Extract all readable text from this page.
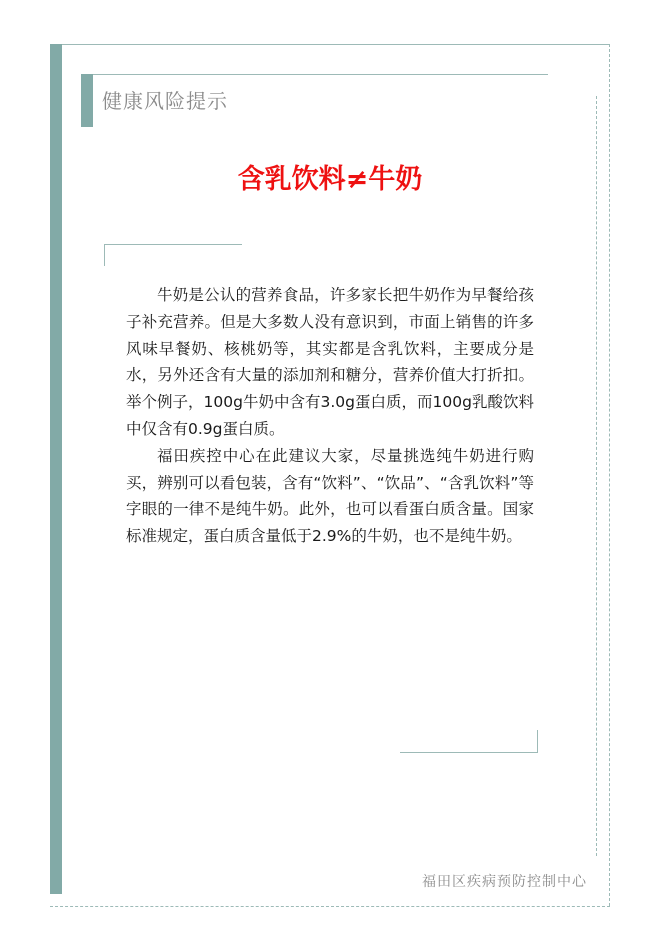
健康风险提示
含乳饮料≠牛奶

牛奶是公认的营养食品，许多家长把牛奶作为早餐给孩子补充营养。但是大多数人没有意识到，市面上销售的许多风味早餐奶、核桃奶等，其实都是含乳饮料，主要成分是水，另外还含有大量的添加剂和糖分，营养价值大打折扣。举个例子，100g牛奶中含有3.0g蛋白质，而100g乳酸饮料中仅含有0.9g蛋白质。

福田疾控中心在此建议大家，尽量挑选纯牛奶进行购买，辨别可以看包装，含有“饮料”、“饮品”、“含乳饮料”等字眼的一律不是纯牛奶。此外，也可以看蛋白质含量。国家标准规定，蛋白质含量低于2.9%的牛奶，也不是纯牛奶。

福田区疾病预防控制中心
